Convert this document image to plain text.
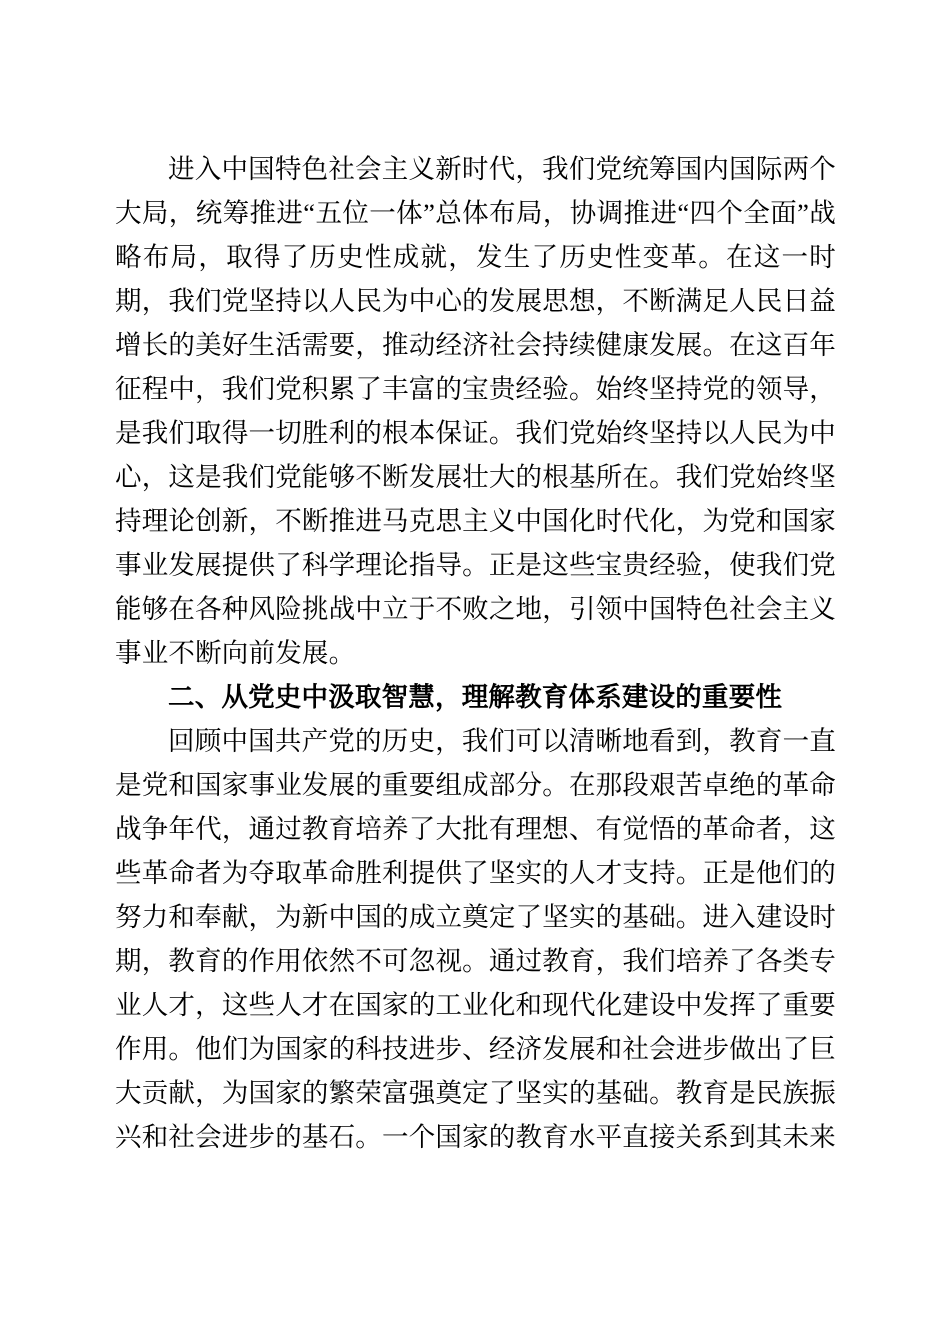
进入中国特色社会主义新时代，我们党统筹国内国际两个大局，统筹推进“五位一体”总体布局，协调推进“四个全面”战略布局，取得了历史性成就，发生了历史性变革。在这一时期，我们党坚持以人民为中心的发展思想，不断满足人民日益增长的美好生活需要，推动经济社会持续健康发展。在这百年征程中，我们党积累了丰富的宝贵经验。始终坚持党的领导，是我们取得一切胜利的根本保证。我们党始终坚持以人民为中心，这是我们党能够不断发展壮大的根基所在。我们党始终坚持理论创新，不断推进马克思主义中国化时代化，为党和国家事业发展提供了科学理论指导。正是这些宝贵经验，使我们党能够在各种风险挑战中立于不败之地，引领中国特色社会主义事业不断向前发展。

二、从党史中汲取智慧，理解教育体系建设的重要性

回顾中国共产党的历史，我们可以清晰地看到，教育一直是党和国家事业发展的重要组成部分。在那段艰苦卓绝的革命战争年代，通过教育培养了大批有理想、有觉悟的革命者，这些革命者为夺取革命胜利提供了坚实的人才支持。正是他们的努力和奉献，为新中国的成立奠定了坚实的基础。进入建设时期，教育的作用依然不可忽视。通过教育，我们培养了各类专业人才，这些人才在国家的工业化和现代化建设中发挥了重要作用。他们为国家的科技进步、经济发展和社会进步做出了巨大贡献，为国家的繁荣富强奠定了坚实的基础。教育是民族振兴和社会进步的基石。一个国家的教育水平直接关系到其未来
